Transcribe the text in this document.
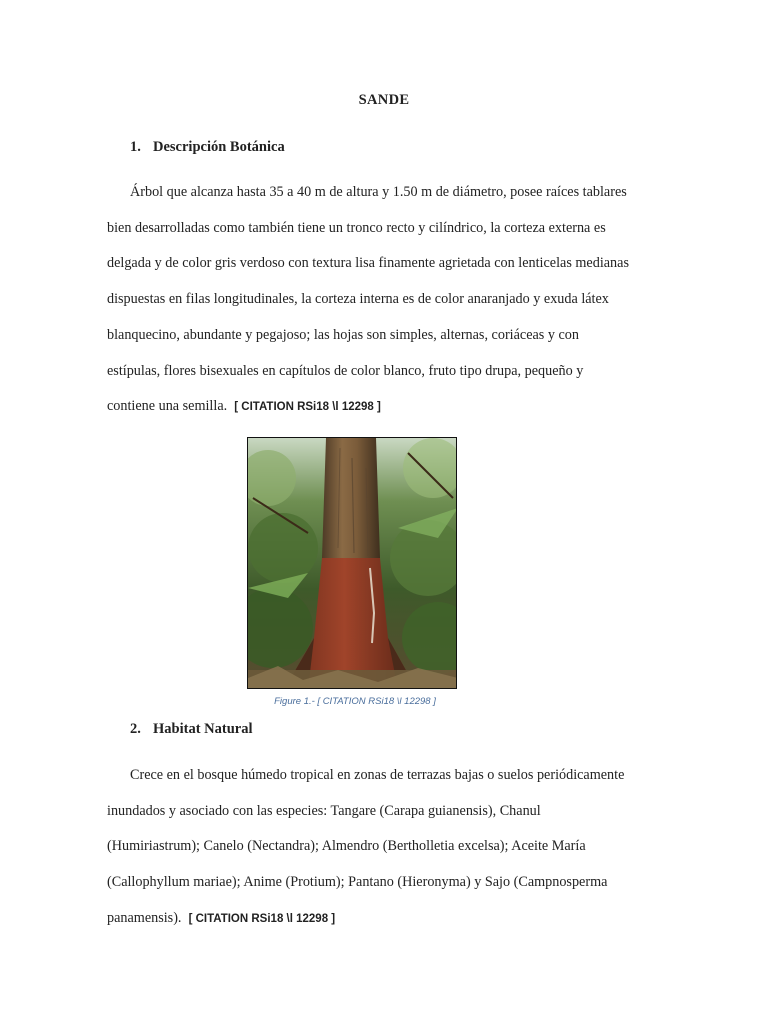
SANDE
1. Descripción Botánica
Árbol que alcanza hasta 35 a 40 m de altura y 1.50 m de diámetro, posee raíces tablares
bien desarrolladas como también tiene un tronco recto y cilíndrico, la corteza externa es
delgada y de color gris verdoso con textura lisa finamente agrietada con lenticelas medianas
dispuestas en filas longitudinales, la corteza interna es de color anaranjado y exuda látex
blanquecino, abundante y pegajoso; las hojas son simples, alternas, coriáceas y con
estípulas, flores bisexuales en capítulos de color blanco, fruto tipo drupa, pequeño y
contiene una semilla. [ CITATION RSi18 \l 12298 ]
Figure 1.- [ CITATION RSi18 \l 12298 ]
2. Habitat Natural
Crece en el bosque húmedo tropical en zonas de terrazas bajas o suelos periódicamente
inundados y asociado con las especies: Tangare (Carapa guianensis), Chanul
(Humiriastrum); Canelo (Nectandra); Almendro (Bertholletia excelsa); Aceite María
(Callophyllum mariae); Anime (Protium); Pantano (Hieronyma) y Sajo (Campnosperma
panamensis). [ CITATION RSi18 \l 12298 ]
